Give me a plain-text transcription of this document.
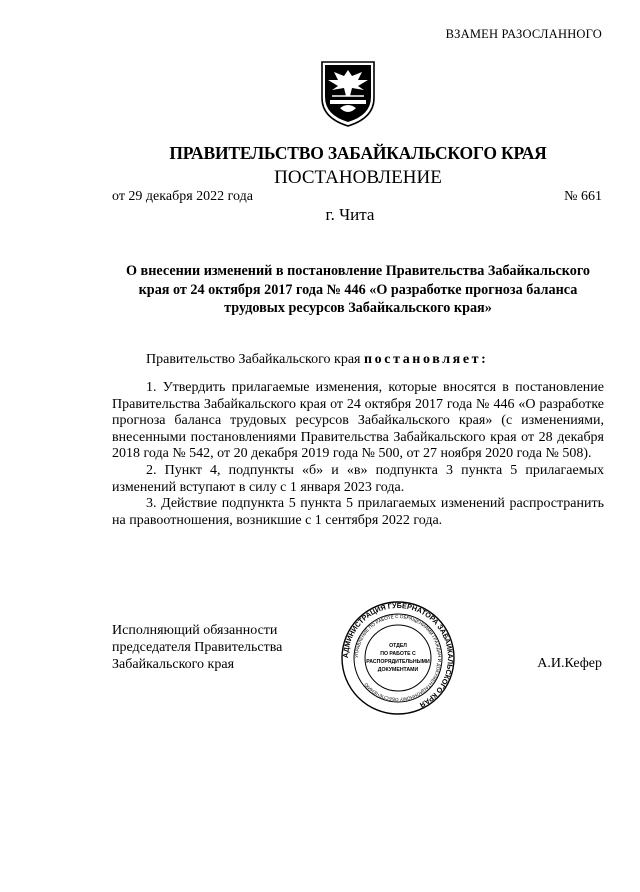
ВЗАМЕН РАЗОСЛАННОГО
ПРАВИТЕЛЬСТВО ЗАБАЙКАЛЬСКОГО КРАЯ
ПОСТАНОВЛЕНИЕ
от 29 декабря 2022 года	№ 661
г. Чита
О внесении изменений в постановление Правительства Забайкальского
края от 24 октября 2017 года № 446 «О разработке прогноза баланса
трудовых ресурсов Забайкальского края»
Правительство Забайкальского края постановляет:

1. Утвердить прилагаемые изменения, которые вносятся в постановление Правительства Забайкальского края от 24 октября 2017 года № 446 «О разработке прогноза баланса трудовых ресурсов Забайкальского края» (с изменениями, внесенными постановлениями Правительства Забайкальского края от 28 декабря 2018 года № 542, от 20 декабря 2019 года № 500, от 27 ноября 2020 года № 508).

2. Пункт 4, подпункты «б» и «в» подпункта 3 пункта 5 прилагаемых изменений вступают в силу с 1 января 2023 года.

3. Действие подпункта 5 пункта 5 прилагаемых изменений распространить на правоотношения, возникшие с 1 сентября 2022 года.

Исполняющий обязанности
председателя Правительства
Забайкальского края	А.И.Кефер
АДМИНИСТРАЦИЯ ГУБЕРНАТОРА ЗАБАЙКАЛЬСКОГО КРАЯ
УПРАВЛЕНИЕ ПО РАБОТЕ С ОБРАЩЕНИЯМИ ГРАЖДАН И ДОКУМЕНТАЦИОННОМУ ОБЕСПЕЧЕНИЮ
ОТДЕЛ
ПО РАБОТЕ С
РАСПОРЯДИТЕЛЬНЫМИ
ДОКУМЕНТАМИ
